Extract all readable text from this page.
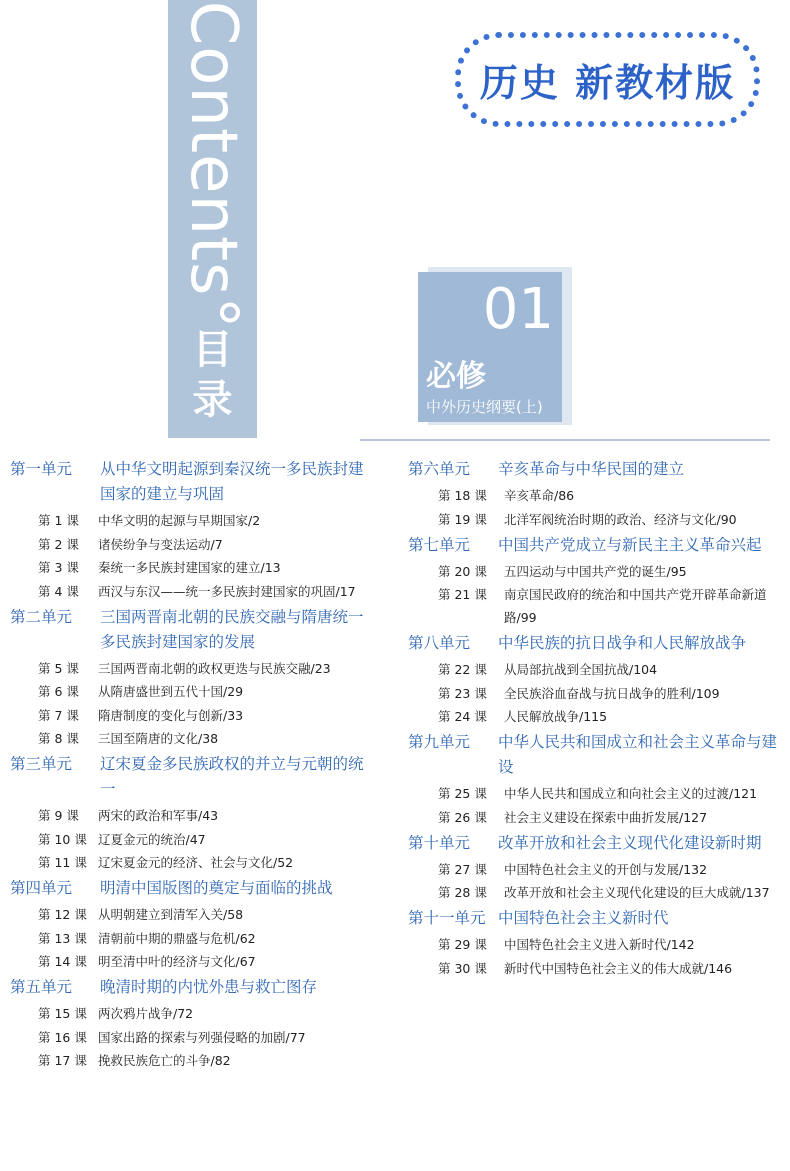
Contents°
目
录
历史 新教材版
01
必修
中外历史纲要(上)
第一单元	从中华文明起源到秦汉统一多民族封建国家的建立与巩固
第 1 课	中华文明的起源与早期国家/2
第 2 课	诸侯纷争与变法运动/7
第 3 课	秦统一多民族封建国家的建立/13
第 4 课	西汉与东汉——统一多民族封建国家的巩固/17
第二单元	三国两晋南北朝的民族交融与隋唐统一多民族封建国家的发展
第 5 课	三国两晋南北朝的政权更迭与民族交融/23
第 6 课	从隋唐盛世到五代十国/29
第 7 课	隋唐制度的变化与创新/33
第 8 课	三国至隋唐的文化/38
第三单元	辽宋夏金多民族政权的并立与元朝的统一
第 9 课	两宋的政治和军事/43
第 10 课 辽夏金元的统治/47
第 11 课 辽宋夏金元的经济、社会与文化/52
第四单元	明清中国版图的奠定与面临的挑战
第 12 课 从明朝建立到清军入关/58
第 13 课 清朝前中期的鼎盛与危机/62
第 14 课 明至清中叶的经济与文化/67
第五单元	晚清时期的内忧外患与救亡图存
第 15 课 两次鸦片战争/72
第 16 课 国家出路的探索与列强侵略的加剧/77
第 17 课 挽救民族危亡的斗争/82
第六单元	辛亥革命与中华民国的建立
第 18 课	辛亥革命/86
第 19 课	北洋军阀统治时期的政治、经济与文化/90
第七单元	中国共产党成立与新民主主义革命兴起
第 20 课	五四运动与中国共产党的诞生/95
第 21 课	南京国民政府的统治和中国共产党开辟革命新道路/99
第八单元	中华民族的抗日战争和人民解放战争
第 22 课	从局部抗战到全国抗战/104
第 23 课	全民族浴血奋战与抗日战争的胜利/109
第 24 课	人民解放战争/115
第九单元	中华人民共和国成立和社会主义革命与建设
第 25 课	中华人民共和国成立和向社会主义的过渡/121
第 26 课	社会主义建设在探索中曲折发展/127
第十单元	改革开放和社会主义现代化建设新时期
第 27 课	中国特色社会主义的开创与发展/132
第 28 课	改革开放和社会主义现代化建设的巨大成就/137
第十一单元 中国特色社会主义新时代
第 29 课	中国特色社会主义进入新时代/142
第 30 课	新时代中国特色社会主义的伟大成就/146
